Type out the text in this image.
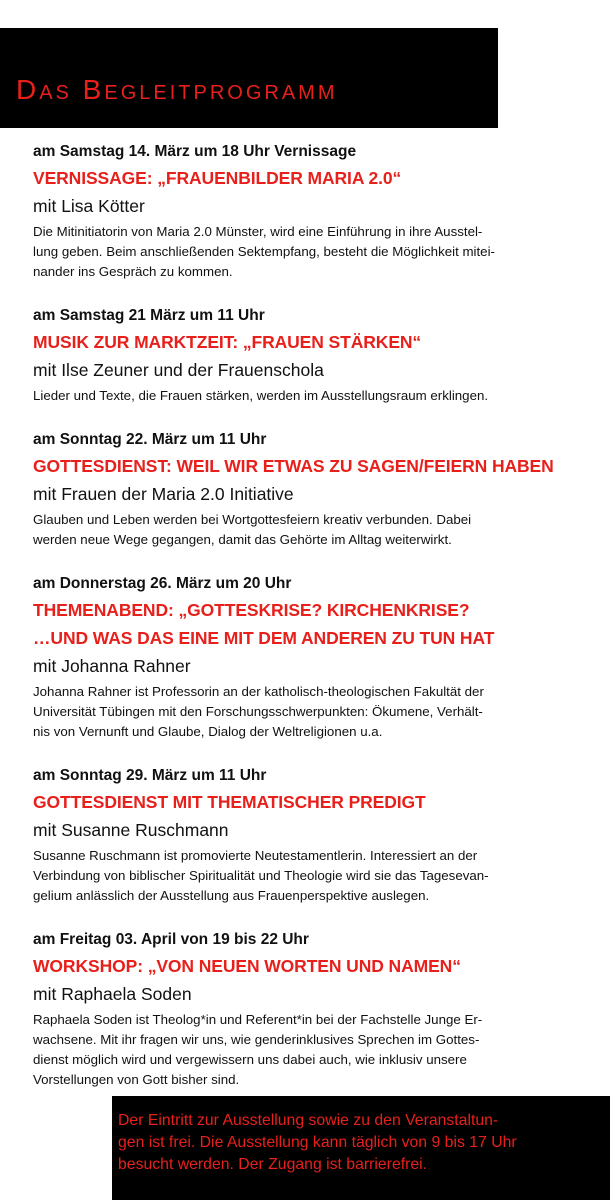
Das Begleitprogramm
am Samstag 14. März um 18 Uhr Vernissage
VERNISSAGE: „FRAUENBILDER MARIA 2.0“
mit Lisa Kötter
Die Mitinitiatorin von Maria 2.0 Münster, wird eine Einführung in ihre Ausstel-
lung geben. Beim anschließenden Sektempfang, besteht die Möglichkeit mitei-
nander ins Gespräch zu kommen.
am Samstag 21 März um 11 Uhr
MUSIK ZUR MARKTZEIT: „FRAUEN STÄRKEN“
mit Ilse Zeuner und der Frauenschola
Lieder und Texte, die Frauen stärken, werden im Ausstellungsraum erklingen.
am Sonntag 22. März um 11 Uhr
GOTTESDIENST: WEIL WIR ETWAS ZU SAGEN/FEIERN HABEN
mit Frauen der Maria 2.0 Initiative
Glauben und Leben werden bei Wortgottesfeiern kreativ verbunden. Dabei
werden neue Wege gegangen, damit das Gehörte im Alltag weiterwirkt.
am Donnerstag 26. März um 20 Uhr
THEMENABEND: „GOTTESKRISE? KIRCHENKRISE?
…UND WAS DAS EINE MIT DEM ANDEREN ZU TUN HAT
mit Johanna Rahner
Johanna Rahner ist Professorin an der katholisch-theologischen Fakultät der
Universität Tübingen mit den Forschungsschwerpunkten: Ökumene, Verhält-
nis von Vernunft und Glaube, Dialog der Weltreligionen u.a.
am Sonntag 29. März um 11 Uhr
GOTTESDIENST MIT THEMATISCHER PREDIGT
mit Susanne Ruschmann
Susanne Ruschmann ist promovierte Neutestamentlerin. Interessiert an der
Verbindung von biblischer Spiritualität und Theologie wird sie das Tagesevan-
gelium anlässlich der Ausstellung aus Frauenperspektive auslegen.
am Freitag 03. April von 19 bis 22 Uhr
WORKSHOP: „VON NEUEN WORTEN UND NAMEN“
mit Raphaela Soden
Raphaela Soden ist Theolog*in und Referent*in bei der Fachstelle Junge Er-
wachsene. Mit ihr fragen wir uns, wie genderinklusives Sprechen im Gottes-
dienst möglich wird und vergewissern uns dabei auch, wie inklusiv unsere
Vorstellungen von Gott bisher sind.
Der Eintritt zur Ausstellung sowie zu den Veranstaltun-
gen ist frei. Die Ausstellung kann täglich von 9 bis 17 Uhr
besucht werden. Der Zugang ist barrierefrei.
